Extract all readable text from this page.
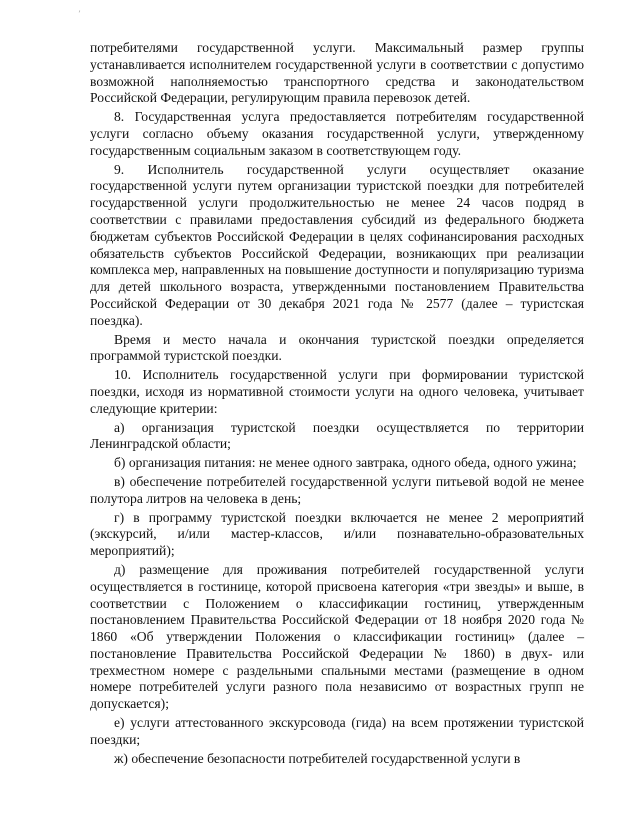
’

потребителями государственной услуги. Максимальный размер группы устанавливается исполнителем государственной услуги в соответствии с допустимо возможной наполняемостью транспортного средства и законодательством Российской Федерации, регулирующим правила перевозок детей.

8. Государственная услуга предоставляется потребителям государственной услуги согласно объему оказания государственной услуги, утвержденному государственным социальным заказом в соответствующем году.

9. Исполнитель государственной услуги осуществляет оказание государственной услуги путем организации туристской поездки для потребителей государственной услуги продолжительностью не менее 24 часов подряд в соответствии с правилами предоставления субсидий из федерального бюджета бюджетам субъектов Российской Федерации в целях софинансирования расходных обязательств субъектов Российской Федерации, возникающих при реализации комплекса мер, направленных на повышение доступности и популяризацию туризма для детей школьного возраста, утвержденными постановлением Правительства Российской Федерации от 30 декабря 2021 года № 2577 (далее – туристская поездка).

Время и место начала и окончания туристской поездки определяется программой туристской поездки.

10. Исполнитель государственной услуги при формировании туристской поездки, исходя из нормативной стоимости услуги на одного человека, учитывает следующие критерии:

а) организация туристской поездки осуществляется по территории Ленинградской области;

б) организация питания: не менее одного завтрака, одного обеда, одного ужина;

в) обеспечение потребителей государственной услуги питьевой водой не менее полутора литров на человека в день;

г) в программу туристской поездки включается не менее 2 мероприятий (экскурсий, и/или мастер-классов, и/или познавательно-образовательных мероприятий);

д) размещение для проживания потребителей государственной услуги осуществляется в гостинице, которой присвоена категория «три звезды» и выше, в соответствии с Положением о классификации гостиниц, утвержденным постановлением Правительства Российской Федерации от 18 ноября 2020 года № 1860 «Об утверждении Положения о классификации гостиниц» (далее – постановление Правительства Российской Федерации № 1860) в двух- или трехместном номере с раздельными спальными местами (размещение в одном номере потребителей услуги разного пола независимо от возрастных групп не допускается);

е) услуги аттестованного экскурсовода (гида) на всем протяжении туристской поездки;

ж) обеспечение безопасности потребителей государственной услуги в
